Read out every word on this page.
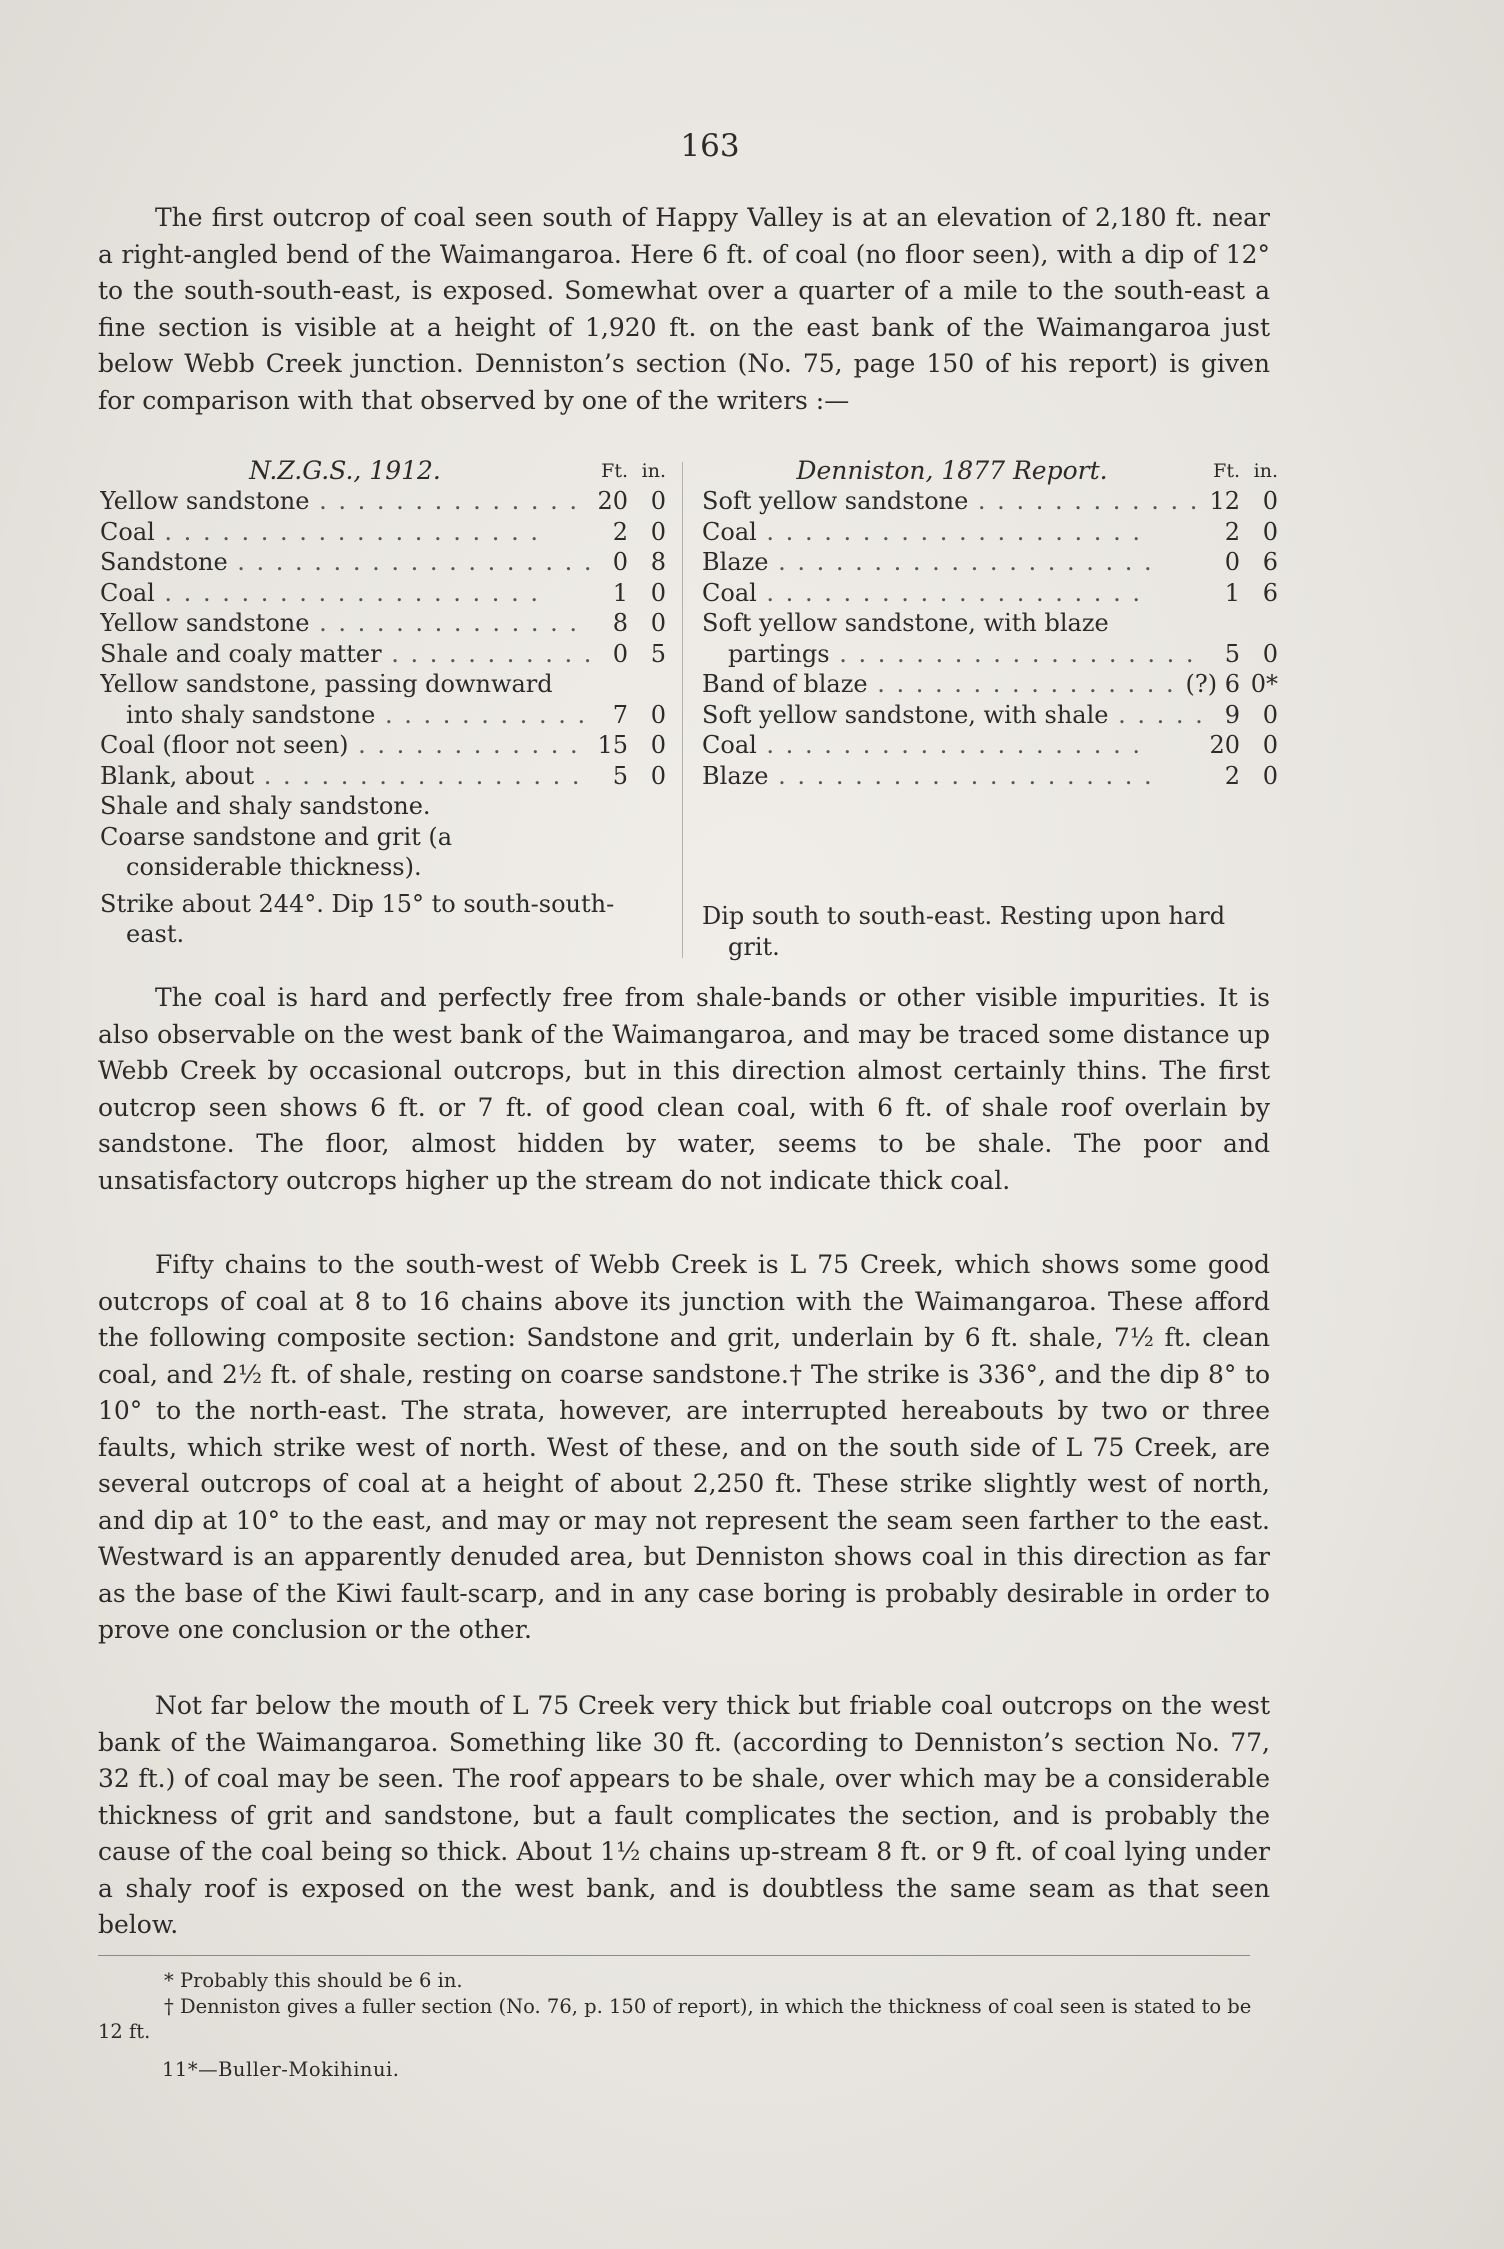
163

The first outcrop of coal seen south of Happy Valley is at an elevation of 2,180 ft. near a right-angled bend of the Waimangaroa. Here 6 ft. of coal (no floor seen), with a dip of 12° to the south-south-east, is exposed. Somewhat over a quarter of a mile to the south-east a fine section is visible at a height of 1,920 ft. on the east bank of the Waimangaroa just below Webb Creek junction. Denniston’s section (No. 75, page 150 of his report) is given for comparison with that observed by one of the writers :—

N.Z.G.S., 1912.	Ft. in.
Yellow sandstone . .	20 0
Coal . .	2 0
Sandstone . .	0 8
Coal . .	1 0
Yellow sandstone . .	8 0
Shale and coaly matter . .	0 5
Yellow sandstone, passing downward
into shaly sandstone . .	7 0
Coal (floor not seen) . .	15 0
Blank, about . .	5 0
Shale and shaly sandstone.
Coarse sandstone and grit (a considerable thickness).
Strike about 244°. Dip 15° to south-south-east.
Denniston, 1877 Report.	Ft. in.
Soft yellow sandstone . .	12 0
Coal . .	2 0
Blaze . .	0 6
Coal . .	1 6
Soft yellow sandstone, with blaze
partings . .	5 0
Band of blaze . .	(?) 6 0*
Soft yellow sandstone, with shale . .	9 0
Coal . .	20 0
Blaze . .	2 0
Dip south to south-east. Resting upon hard grit.

The coal is hard and perfectly free from shale-bands or other visible impurities. It is also observable on the west bank of the Waimangaroa, and may be traced some distance up Webb Creek by occasional outcrops, but in this direction almost certainly thins. The first outcrop seen shows 6 ft. or 7 ft. of good clean coal, with 6 ft. of shale roof overlain by sandstone. The floor, almost hidden by water, seems to be shale. The poor and unsatisfactory outcrops higher up the stream do not indicate thick coal.

Fifty chains to the south-west of Webb Creek is L 75 Creek, which shows some good outcrops of coal at 8 to 16 chains above its junction with the Waimangaroa. These afford the following composite section: Sandstone and grit, underlain by 6 ft. shale, 7½ ft. clean coal, and 2½ ft. of shale, resting on coarse sandstone.† The strike is 336°, and the dip 8° to 10° to the north-east. The strata, however, are interrupted hereabouts by two or three faults, which strike west of north. West of these, and on the south side of L 75 Creek, are several outcrops of coal at a height of about 2,250 ft. These strike slightly west of north, and dip at 10° to the east, and may or may not represent the seam seen farther to the east. Westward is an apparently denuded area, but Denniston shows coal in this direction as far as the base of the Kiwi fault-scarp, and in any case boring is probably desirable in order to prove one conclusion or the other.

Not far below the mouth of L 75 Creek very thick but friable coal outcrops on the west bank of the Waimangaroa. Something like 30 ft. (according to Denniston’s section No. 77, 32 ft.) of coal may be seen. The roof appears to be shale, over which may be a considerable thickness of grit and sandstone, but a fault complicates the section, and is probably the cause of the coal being so thick. About 1½ chains up-stream 8 ft. or 9 ft. of coal lying under a shaly roof is exposed on the west bank, and is doubtless the same seam as that seen below.

* Probably this should be 6 in.
† Denniston gives a fuller section (No. 76, p. 150 of report), in which the thickness of coal seen is stated to be 12 ft.
11*—Buller-Mokihinui.
